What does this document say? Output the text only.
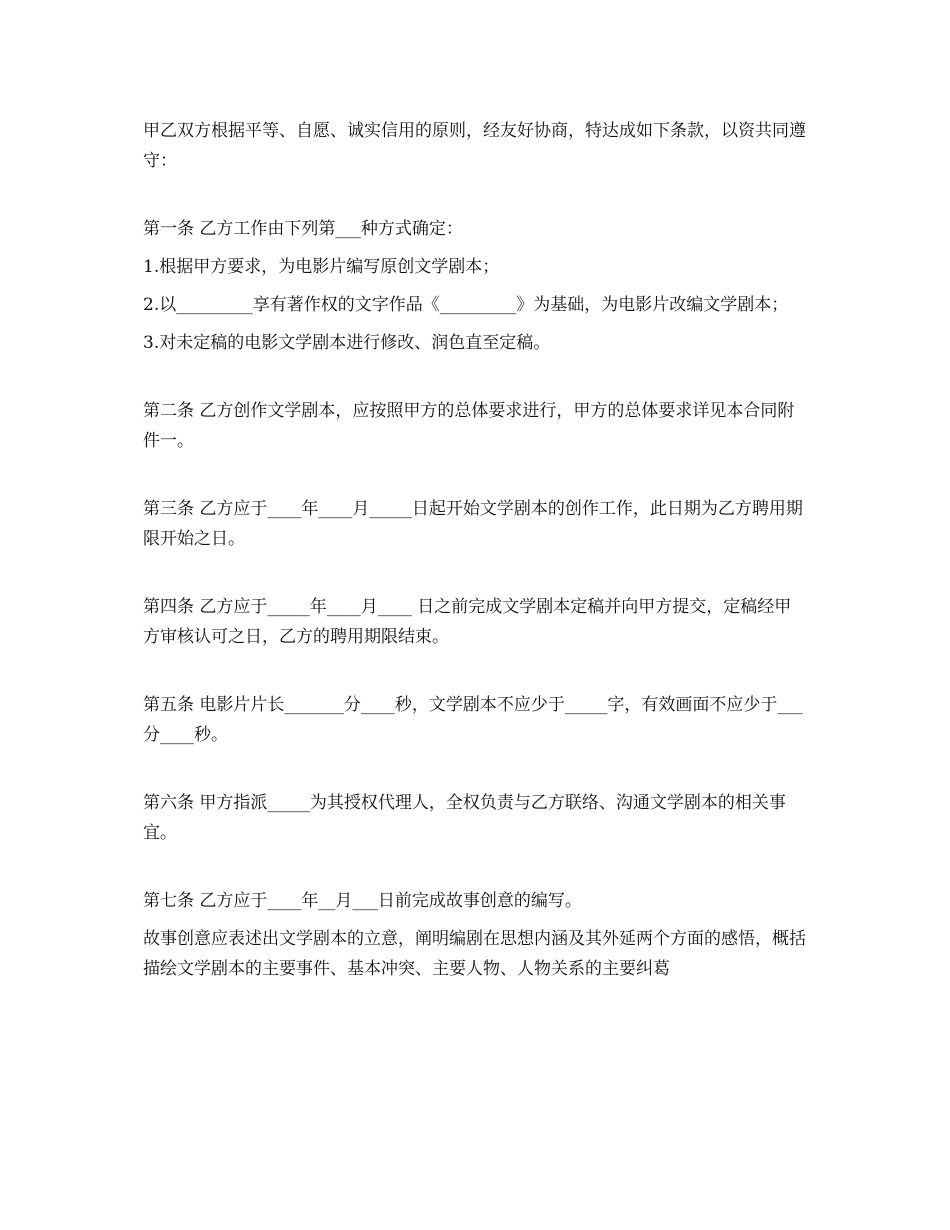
甲乙双方根据平等、自愿、诚实信用的原则，经友好协商，特达成如下条款，以资共同遵守：

第一条 乙方工作由下列第___种方式确定：

1.根据甲方要求，为电影片编写原创文学剧本；

2.以_________享有著作权的文字作品《_________》为基础，为电影片改编文学剧本；

3.对未定稿的电影文学剧本进行修改、润色直至定稿。

第二条 乙方创作文学剧本，应按照甲方的总体要求进行，甲方的总体要求详见本合同附件一。

第三条 乙方应于____年____月_____日起开始文学剧本的创作工作，此日期为乙方聘用期限开始之日。

第四条 乙方应于_____年____月____ 日之前完成文学剧本定稿并向甲方提交，定稿经甲方审核认可之日，乙方的聘用期限结束。

第五条 电影片片长_______分____秒，文学剧本不应少于_____字，有效画面不应少于___分____秒。

第六条 甲方指派_____为其授权代理人，全权负责与乙方联络、沟通文学剧本的相关事宜。

第七条 乙方应于____年__月___日前完成故事创意的编写。

故事创意应表述出文学剧本的立意，阐明编剧在思想内涵及其外延两个方面的感悟，概括描绘文学剧本的主要事件、基本冲突、主要人物、人物关系的主要纠葛
